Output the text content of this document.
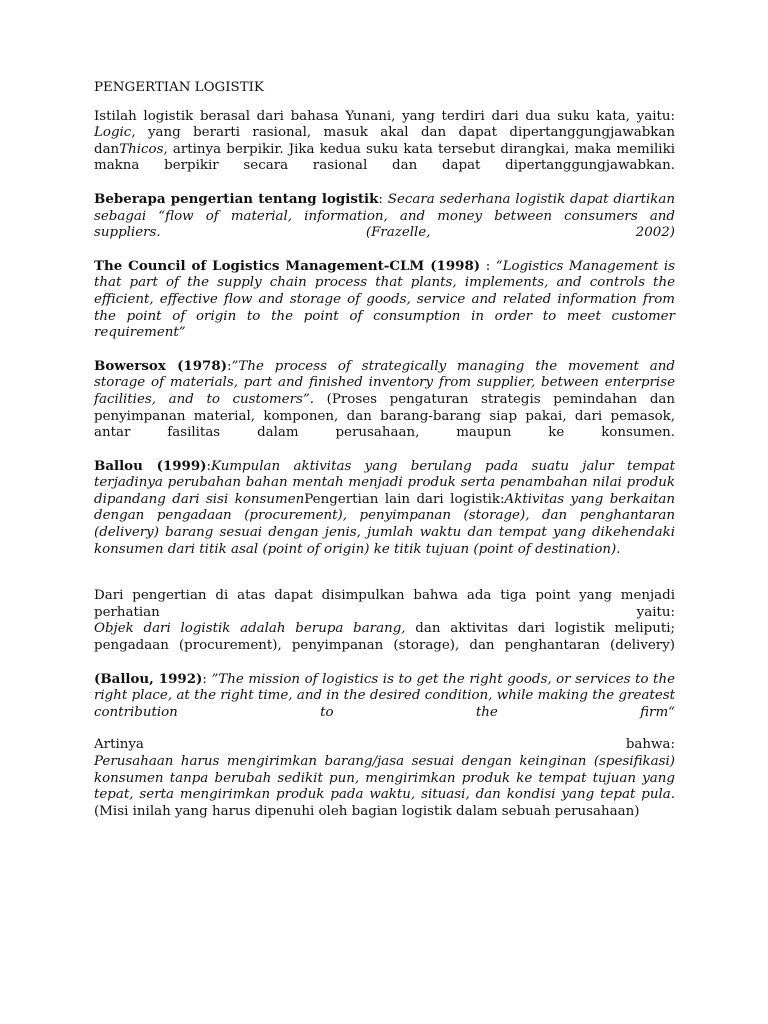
PENGERTIAN LOGISTIK

Istilah logistik berasal dari bahasa Yunani, yang terdiri dari dua suku kata, yaitu: Logic, yang berarti rasional, masuk akal dan dapat dipertanggungjawabkan danThicos, artinya berpikir. Jika kedua suku kata tersebut dirangkai, maka memiliki makna berpikir secara rasional dan dapat dipertanggungjawabkan.

Beberapa pengertian tentang logistik: Secara sederhana logistik dapat diartikan sebagai “flow of material, information, and money between consumers and suppliers. (Frazelle, 2002)

The Council of Logistics Management-CLM (1998) : “Logistics Management is that part of the supply chain process that plants, implements, and controls the efficient, effective flow and storage of goods, service and related information from the point of origin to the point of consumption in order to meet customer requirement”

Bowersox (1978):”The process of strategically managing the movement and storage of materials, part and finished inventory from supplier, between enterprise facilities, and to customers”. (Proses pengaturan strategis pemindahan dan penyimpanan material, komponen, dan barang-barang siap pakai, dari pemasok, antar fasilitas dalam perusahaan, maupun ke konsumen.

Ballou (1999):Kumpulan aktivitas yang berulang pada suatu jalur tempat terjadinya perubahan bahan mentah menjadi produk serta penambahan nilai produk dipandang dari sisi konsumenPengertian lain dari logistik:Aktivitas yang berkaitan dengan pengadaan (procurement), penyimpanan (storage), dan penghantaran (delivery) barang sesuai dengan jenis, jumlah waktu dan tempat yang dikehendaki konsumen dari titik asal (point of origin) ke titik tujuan (point of destination).

Dari pengertian di atas dapat disimpulkan bahwa ada tiga point yang menjadi perhatian yaitu:
Objek dari logistik adalah berupa barang, dan aktivitas dari logistik meliputi; pengadaan (procurement), penyimpanan (storage), dan penghantaran (delivery)

(Ballou, 1992): ”The mission of logistics is to get the right goods, or services to the right place, at the right time, and in the desired condition, while making the greatest contribution to the firm“

Artinya bahwa:
Perusahaan harus mengirimkan barang/jasa sesuai dengan keinginan (spesifikasi) konsumen tanpa berubah sedikit pun, mengirimkan produk ke tempat tujuan yang tepat, serta mengirimkan produk pada waktu, situasi, dan kondisi yang tepat pula. (Misi inilah yang harus dipenuhi oleh bagian logistik dalam sebuah perusahaan)
